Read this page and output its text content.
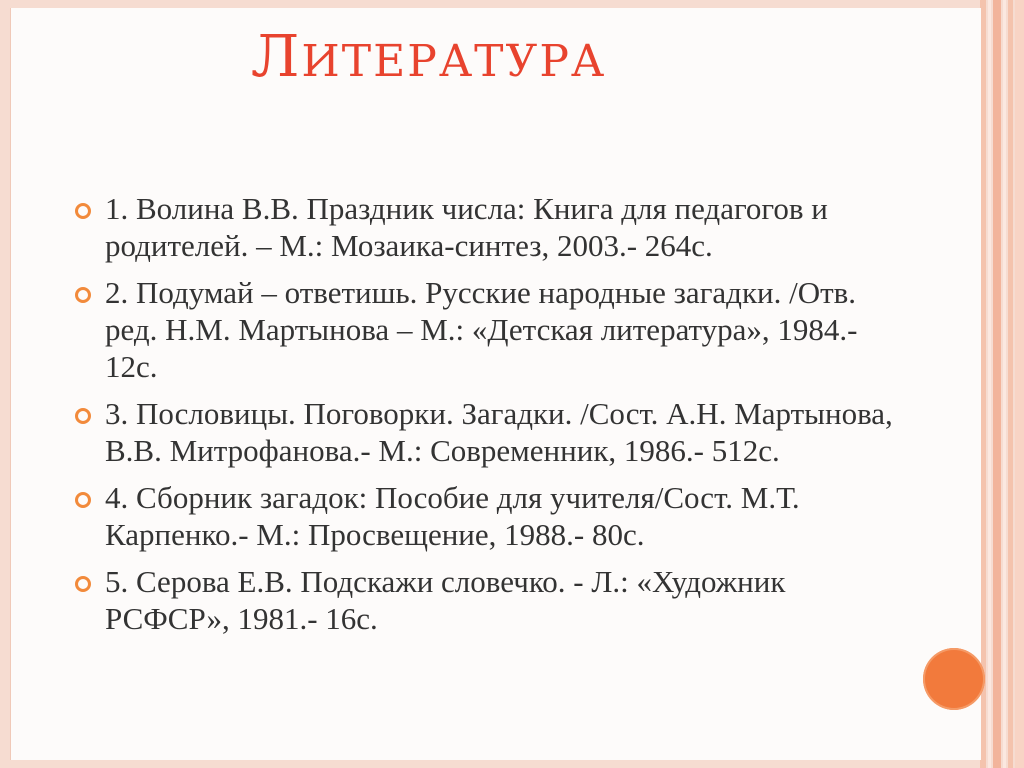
ЛИТЕРАТУРА
1. Волина В.В. Праздник числа: Книга для педагогов и родителей. – М.: Мозаика-синтез, 2003.- 264с.
2. Подумай – ответишь. Русские народные загадки. /Отв. ред. Н.М. Мартынова – М.: «Детская литература», 1984.- 12с.
3. Пословицы. Поговорки. Загадки. /Сост. А.Н. Мартынова, В.В. Митрофанова.- М.: Современник, 1986.- 512с.
4. Сборник загадок: Пособие для учителя/Сост. М.Т. Карпенко.- М.: Просвещение, 1988.- 80с.
5. Серова Е.В. Подскажи словечко. - Л.: «Художник РСФСР», 1981.- 16с.
